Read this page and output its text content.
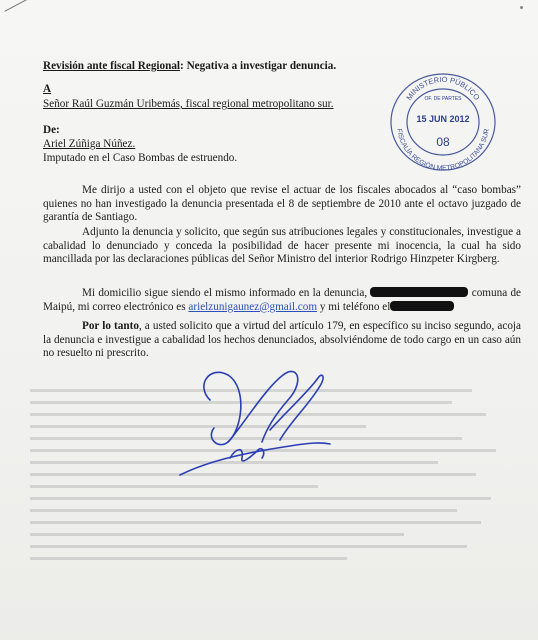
Revisión ante fiscal Regional: Negativa a investigar denuncia.
A
Señor Raúl Guzmán Uribemás, fiscal regional metropolitano sur.
De:
Ariel Zúñiga Núñez.
Imputado en el Caso Bombas de estruendo.
Me dirijo a usted con el objeto que revise el actuar de los fiscales abocados al “caso bombas” quienes no han investigado la denuncia presentada el 8 de septiembre de 2010 ante el octavo juzgado de garantía de Santiago.
Adjunto la denuncia y solicito, que según sus atribuciones legales y constitucionales, investigue a cabalidad lo denunciado y conceda la posibilidad de hacer presente mi inocencia, la cual ha sido mancillada por las declaraciones públicas del Señor Ministro del interior Rodrigo Hinzpeter Kirgberg.
Mi domicilio sigue siendo el mismo informado en la denuncia,	comuna de Maipú, mi correo electrónico es arielzunigaunez@gmail.com y mi teléfono el
Por lo tanto, a usted solicito que a virtud del artículo 179, en específico su inciso segundo, acoja la denuncia e investigue a cabalidad los hechos denunciados, absolviéndome de todo cargo en un caso aún no resuelto ni prescrito.
MINISTERIO PÚBLICO
OF. DE PARTES
15 JUN 2012
08
FISCALÍA REGIÓN METROPOLITANA SUR
